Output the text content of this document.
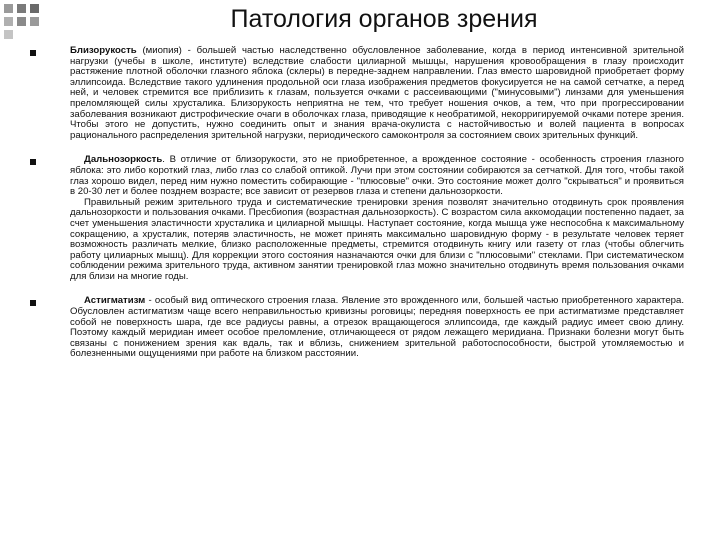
Патология органов зрения

Близорукость (миопия) - большей частью наследственно обусловленное заболевание, когда в период интенсивной зрительной нагрузки (учебы в школе, институте) вследствие слабости цилиарной мышцы, нарушения кровообращения в глазу происходит растяжение плотной оболочки глазного яблока (склеры) в передне-заднем направлении. Глаз вместо шаровидной приобретает форму эллипсоида. Вследствие такого удлинения продольной оси глаза изображения предметов фокусируется не на самой сетчатке, а перед ней, и человек стремится все приблизить к глазам, пользуется очками с рассеивающими ("минусовыми") линзами для уменьшения преломляющей силы хрусталика. Близорукость неприятна не тем, что требует ношения очков, а тем, что при прогрессировании заболевания возникают дистрофические очаги в оболочках глаза, приводящие к необратимой, некорригируемой очками потере зрения. Чтобы этого не допустить, нужно соединить опыт и знания врача-окулиста с настойчивостью и волей пациента в вопросах рационального распределения зрительной нагрузки, периодического самоконтроля за состоянием своих зрительных функций.

Дальнозоркость. В отличие от близорукости, это не приобретенное, а врожденное состояние - особенность строения глазного яблока: это либо короткий глаз, либо глаз со слабой оптикой. Лучи при этом состоянии собираются за сетчаткой. Для того, чтобы такой глаз хорошо видел, перед ним нужно поместить собирающие - "плюсовые" очки. Это состояние может долго "скрываться" и проявиться в 20-30 лет и более позднем возрасте; все зависит от резервов глаза и степени дальнозоркости.
Правильный режим зрительного труда и систематические тренировки зрения позволят значительно отодвинуть срок проявления дальнозоркости и пользования очками. Пресбиопия (возрастная дальнозоркость). С возрастом сила аккомодации постепенно падает, за счет уменьшения эластичности хрусталика и цилиарной мышцы. Наступает состояние, когда мышца уже неспособна к максимальному сокращению, а хрусталик, потеряв эластичность, не может принять максимально шаровидную форму - в результате человек теряет возможность различать мелкие, близко расположенные предметы, стремится отодвинуть книгу или газету от глаз (чтобы облегчить работу цилиарных мышц). Для коррекции этого состояния назначаются очки для близи с "плюсовыми" стеклами. При систематическом соблюдении режима зрительного труда, активном занятии тренировкой глаз можно значительно отодвинуть время пользования очками для близи на многие годы.

Астигматизм - особый вид оптического строения глаза. Явление это врожденного или, большей частью приобретенного характера. Обусловлен астигматизм чаще всего неправильностью кривизны роговицы; передняя поверхность ее при астигматизме представляет собой не поверхность шара, где все радиусы равны, а отрезок вращающегося эллипсоида, где каждый радиус имеет свою длину. Поэтому каждый меридиан имеет особое преломление, отличающееся от рядом лежащего меридиана. Признаки болезни могут быть связаны с понижением зрения как вдаль, так и вблизь, снижением зрительной работоспособности, быстрой утомляемостью и болезненными ощущениями при работе на близком расстоянии.
